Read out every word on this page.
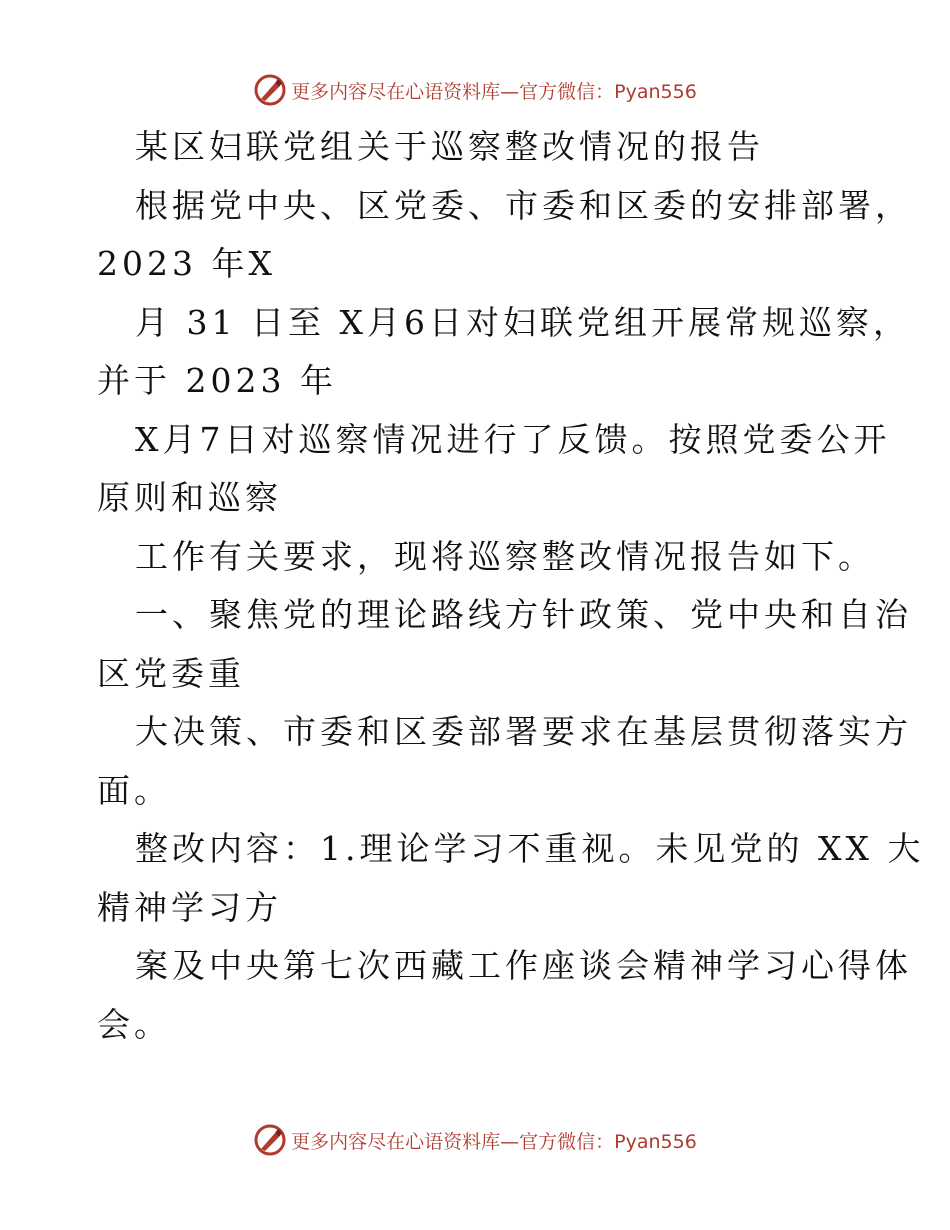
更多内容尽在心语资料库—官方微信：Pyan556
某区妇联党组关于巡察整改情况的报告
根据党中央、区党委、市委和区委的安排部署，
2023 年X
月 31 日至 X月6日对妇联党组开展常规巡察，
并于 2023 年
X月7日对巡察情况进行了反馈。按照党委公开
原则和巡察
工作有关要求，现将巡察整改情况报告如下。
一、聚焦党的理论路线方针政策、党中央和自治
区党委重
大决策、市委和区委部署要求在基层贯彻落实方
面。
整改内容：1.理论学习不重视。未见党的 XX 大
精神学习方
案及中央第七次西藏工作座谈会精神学习心得体
会。
更多内容尽在心语资料库—官方微信：Pyan556
